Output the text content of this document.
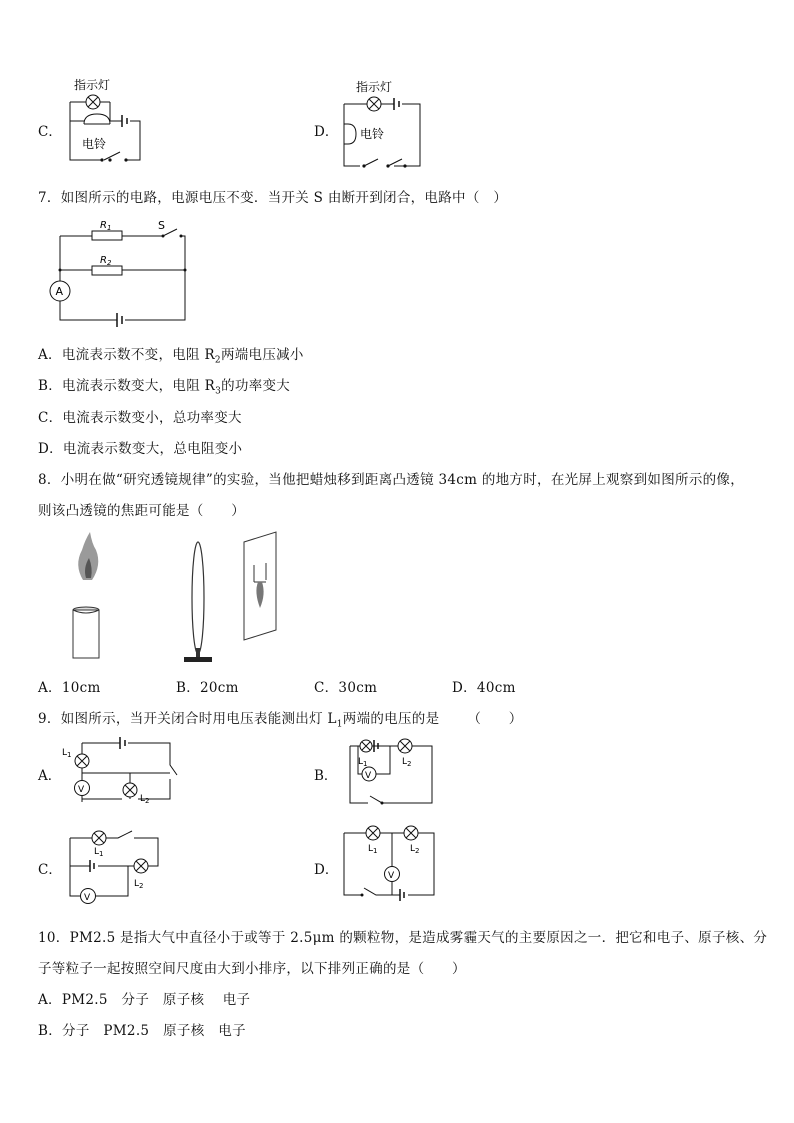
C．
指示灯
电铃
D．
指示灯
电铃
7．如图所示的电路，电源电压不变．当开关 S 由断开到闭合，电路中（　）
$R_1$	S
$R_2$
A
A．电流表示数不变，电阻 $R_2$两端电压减小
B．电流表示数变大，电阻 $R_3$的功率变大
C．电流表示数变小，总功率变大
D．电流表示数变大，总电阻变小
8．小明在做“研究透镜规律”的实验，当他把蜡烛移到距离凸透镜 34cm 的地方时，在光屏上观察到如图所示的像，
则该凸透镜的焦距可能是（　　）
A．10cm	B．20cm	C．30cm	D．40cm
9．如图所示，当开关闭合时用电压表能测出灯 $L_1$两端的电压的是 （　　）
A．
$L_1$
V
$L_2$
B．
$L_1$	$L_2$
V
C．
$L_1$
$L_2$
V
D．
$L_1$	$L_2$
V
10．PM2.5 是指大气中直径小于或等于 2.5μm 的颗粒物，是造成雾霾天气的主要原因之一．把它和电子、原子核、分
子等粒子一起按照空间尺度由大到小排序，以下排列正确的是（　　）
A．PM2.5　分子　原子核　 电子
B．分子　PM2.5　原子核　电子
